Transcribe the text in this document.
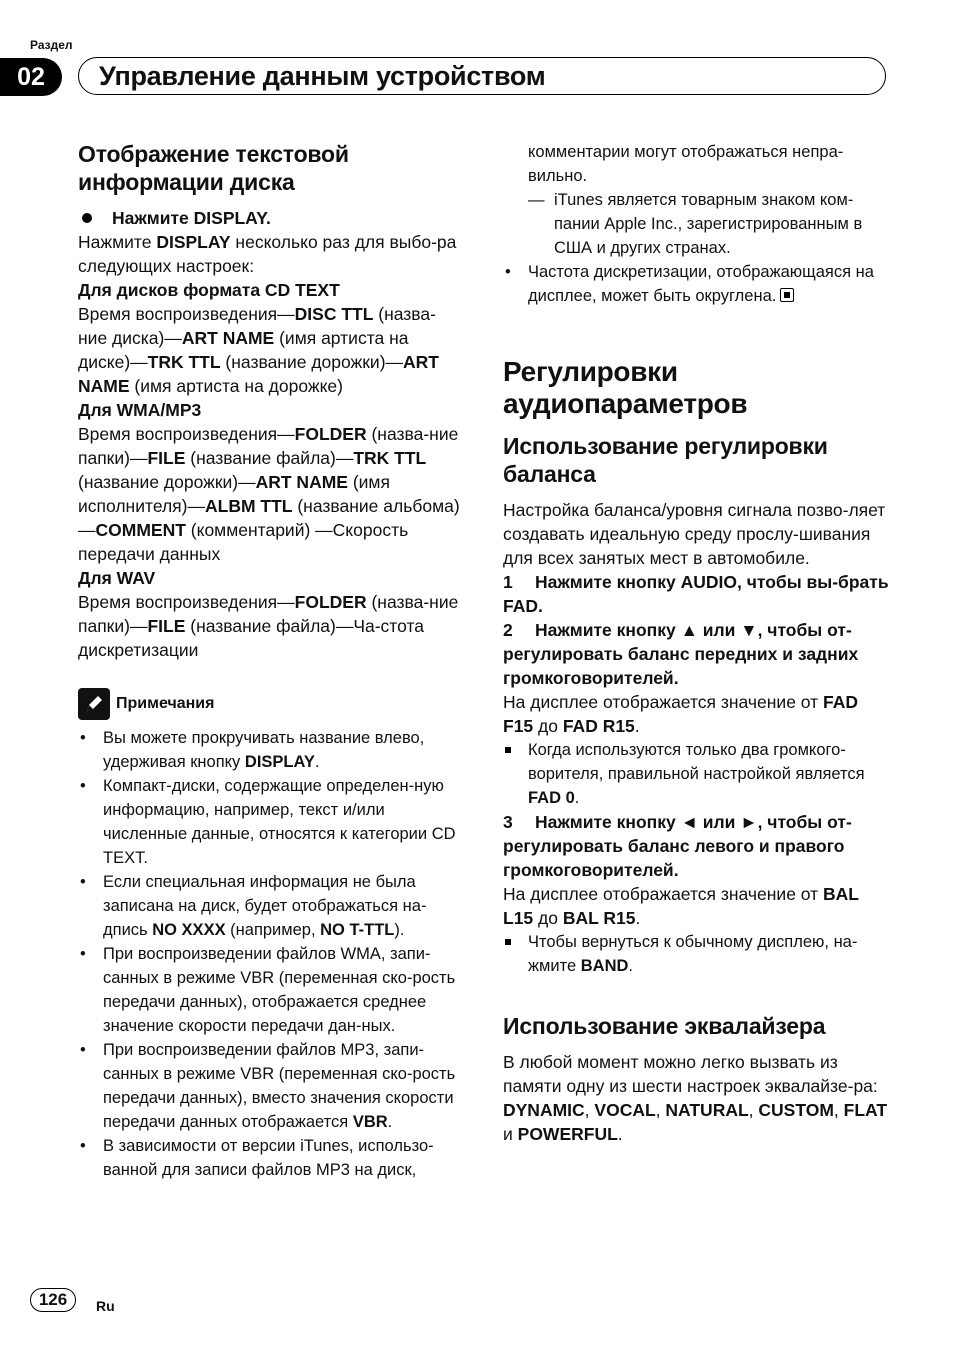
Раздел
02	Управление данным устройством
Отображение текстовой информации диска
Нажмите DISPLAY.

Нажмите DISPLAY несколько раз для выбо-ра следующих настроек:

Для дисков формата CD TEXT

Время воспроизведения—DISC TTL (назва-ние диска)—ART NAME (имя артиста на диске)—TRK TTL (название дорожки)—ART NAME (имя артиста на дорожке)

Для WMA/MP3

Время воспроизведения—FOLDER (назва-ние папки)—FILE (название файла)—TRK TTL (название дорожки)—ART NAME (имя исполнителя)—ALBM TTL (название альбома)—COMMENT (комментарий) —Скорость передачи данных

Для WAV

Время воспроизведения—FOLDER (назва-ние папки)—FILE (название файла)—Ча-стота дискретизации

Примечания
• Вы можете прокручивать название влево, удерживая кнопку DISPLAY.
• Компакт-диски, содержащие определен-ную информацию, например, текст и/или численные данные, относятся к категории CD TEXT.
• Если специальная информация не была записана на диск, будет отображаться на-дпись NO XXXX (например, NO T-TTL).
• При воспроизведении файлов WMA, запи-санных в режиме VBR (переменная ско-рость передачи данных), отображается среднее значение скорости передачи дан-ных.
• При воспроизведении файлов MP3, запи-санных в режиме VBR (переменная ско-рость передачи данных), вместо значения скорости передачи данных отображается VBR.
• В зависимости от версии iTunes, использо-ванной для записи файлов MP3 на диск,

комментарии могут отображаться непра-вильно.

— iTunes является товарным знаком ком-пании Apple Inc., зарегистрированным в США и других странах.

• Частота дискретизации, отображающаяся на дисплее, может быть округлена.
Регулировки аудиопараметров
Использование регулировки баланса

Настройка баланса/уровня сигнала позво-ляет создавать идеальную среду прослу-шивания для всех занятых мест в автомобиле.

1 Нажмите кнопку AUDIO, чтобы вы-брать FAD.

2 Нажмите кнопку ▲ или ▼, чтобы от-регулировать баланс передних и задних громкоговорителей.

На дисплее отображается значение от FAD F15 до FAD R15.

Когда используются только два громкого-ворителя, правильной настройкой является FAD 0.

3 Нажмите кнопку ◄ или ►, чтобы от-регулировать баланс левого и правого громкоговорителей.

На дисплее отображается значение от BAL L15 до BAL R15.

Чтобы вернуться к обычному дисплею, на-жмите BAND.

Использование эквалайзера

В любой момент можно легко вызвать из памяти одну из шести настроек эквалайзе-ра: DYNAMIC, VOCAL, NATURAL, CUSTOM, FLAT и POWERFUL.

126	Ru
